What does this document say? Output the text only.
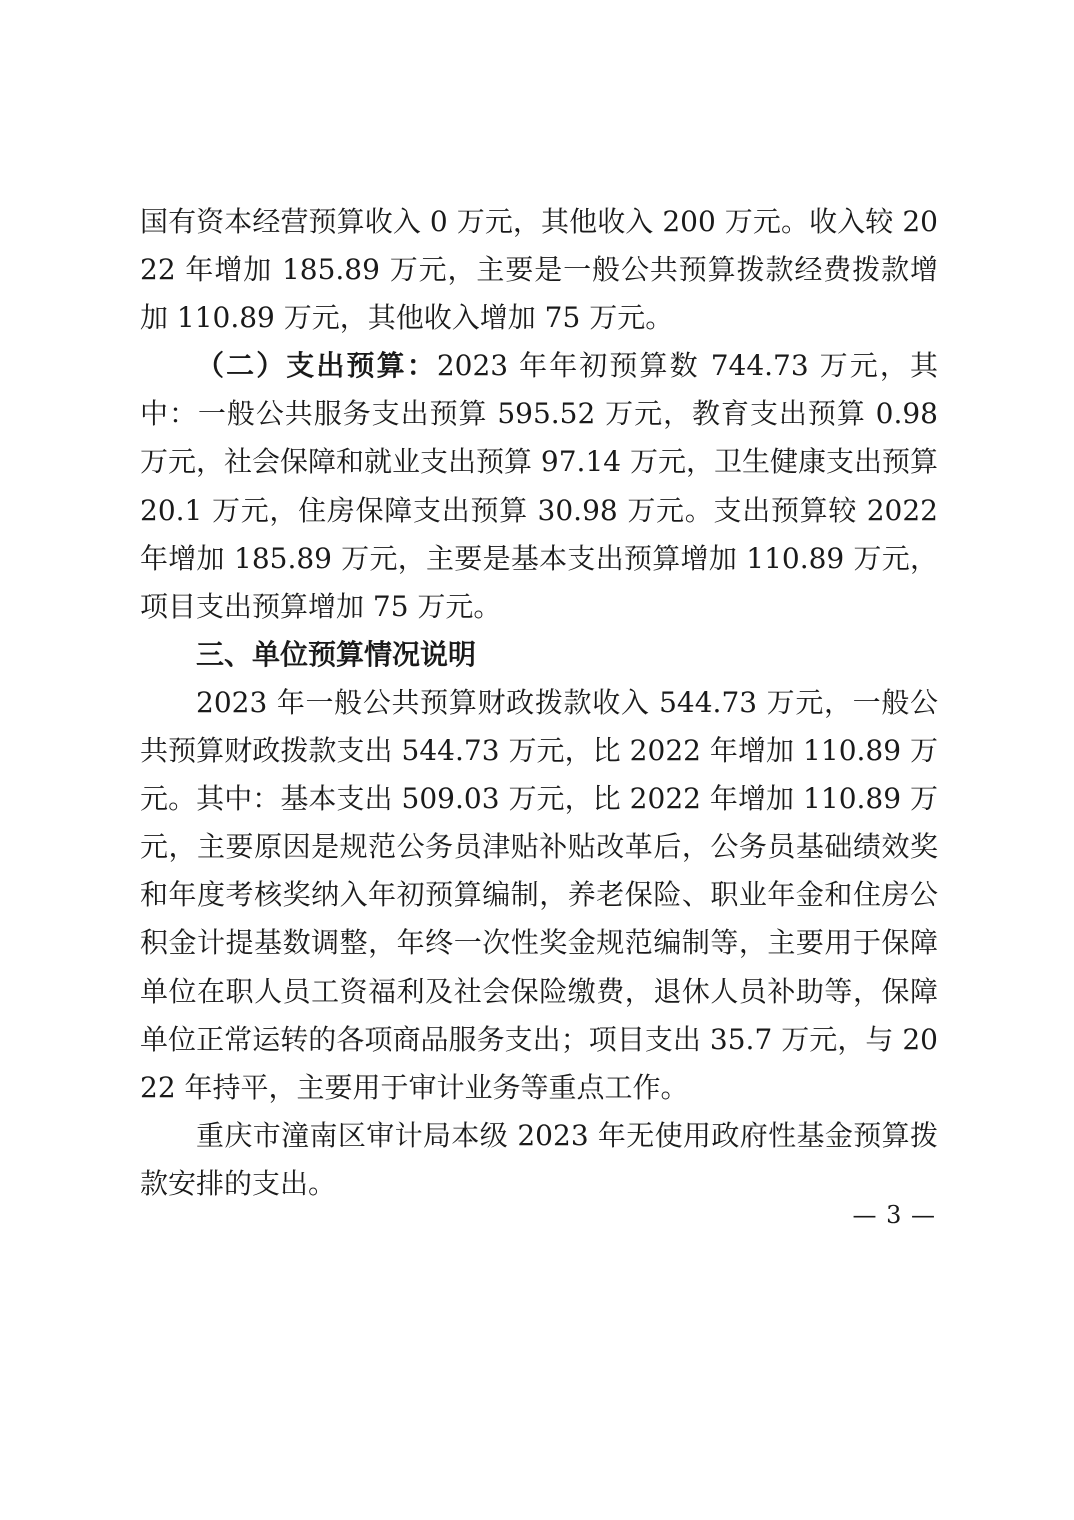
国有资本经营预算收入 0 万元，其他收入 200 万元。收入较 2022 年增加 185.89 万元，主要是一般公共预算拨款经费拨款增加 110.89 万元，其他收入增加 75 万元。

（二）支出预算：2023 年年初预算数 744.73 万元，其中：一般公共服务支出预算 595.52 万元，教育支出预算 0.98 万元，社会保障和就业支出预算 97.14 万元，卫生健康支出预算 20.1 万元，住房保障支出预算 30.98 万元。支出预算较 2022 年增加 185.89 万元，主要是基本支出预算增加 110.89 万元，项目支出预算增加 75 万元。

三、单位预算情况说明

2023 年一般公共预算财政拨款收入 544.73 万元，一般公共预算财政拨款支出 544.73 万元，比 2022 年增加 110.89 万元。其中：基本支出 509.03 万元，比 2022 年增加 110.89 万元，主要原因是规范公务员津贴补贴改革后，公务员基础绩效奖和年度考核奖纳入年初预算编制，养老保险、职业年金和住房公积金计提基数调整，年终一次性奖金规范编制等，主要用于保障单位在职人员工资福利及社会保险缴费，退休人员补助等，保障单位正常运转的各项商品服务支出；项目支出 35.7 万元，与 2022 年持平，主要用于审计业务等重点工作。

重庆市潼南区审计局本级 2023 年无使用政府性基金预算拨款安排的支出。

— 3 —
